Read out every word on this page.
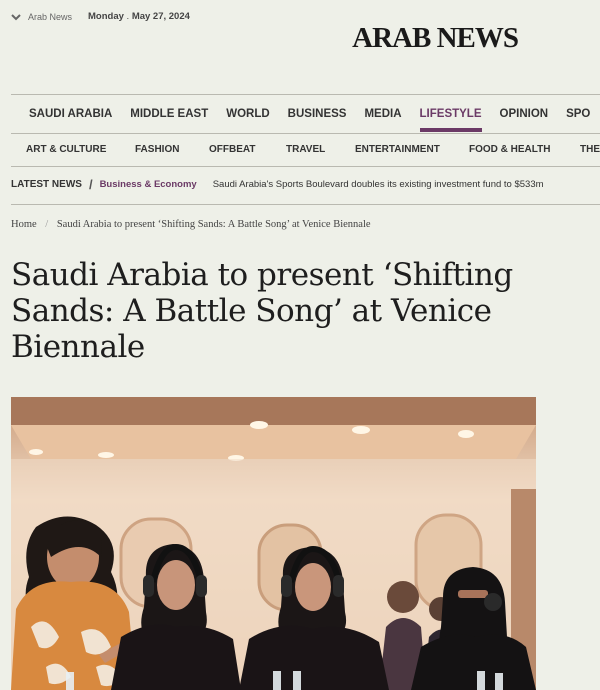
Arab News Monday . May 27, 2024
ARAB NEWS
SAUDI ARABIA	MIDDLE EAST	WORLD	BUSINESS	MEDIA	LIFESTYLE	OPINION	SPO
ART & CULTURE	FASHION	OFFBEAT	TRAVEL	ENTERTAINMENT	FOOD & HEALTH	THE
LATEST NEWS / Business & Economy Saudi Arabia's Sports Boulevard doubles its existing investment fund to $533m
Home / Saudi Arabia to present ‘Shifting Sands: A Battle Song’ at Venice Biennale
Saudi Arabia to present ‘Shifting Sands: A Battle Song’ at Venice Biennale
